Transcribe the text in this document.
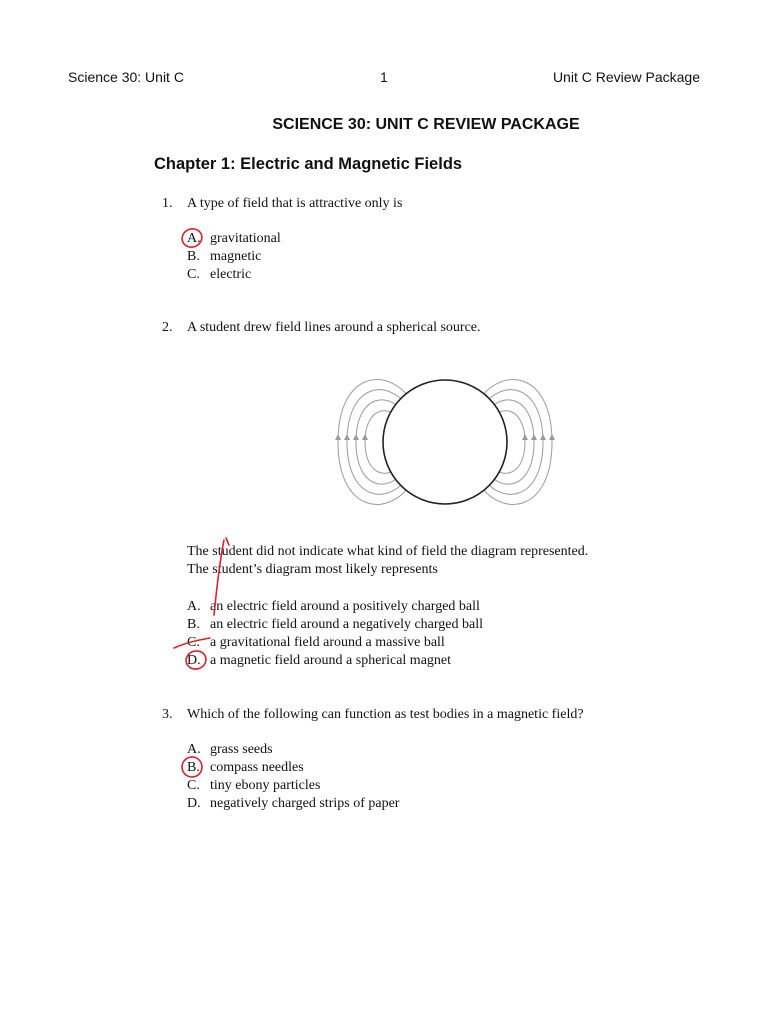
Science 30: Unit C	1	Unit C Review Package
SCIENCE 30: UNIT C REVIEW PACKAGE
Chapter 1: Electric and Magnetic Fields
1. A type of field that is attractive only is
A. gravitational
B. magnetic
C. electric
2. A student drew field lines around a spherical source.
The student did not indicate what kind of field the diagram represented.
The student’s diagram most likely represents
A. an electric field around a positively charged ball
B. an electric field around a negatively charged ball
C. a gravitational field around a massive ball
D. a magnetic field around a spherical magnet
3. Which of the following can function as test bodies in a magnetic field?
A. grass seeds
B. compass needles
C. tiny ebony particles
D. negatively charged strips of paper
